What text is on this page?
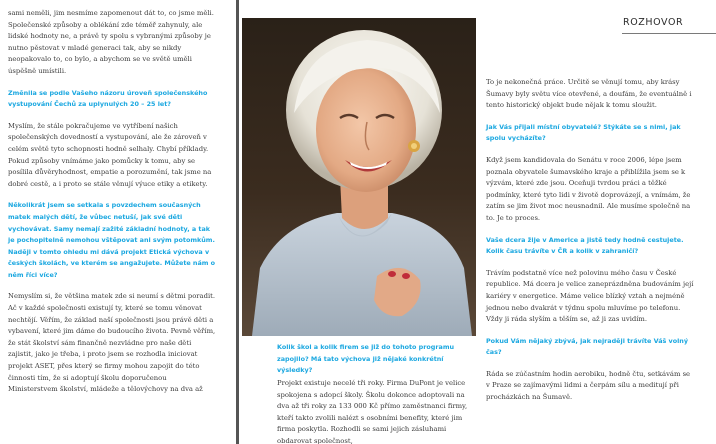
sami neměli, jim nesmíme zapomenout dát to, co jsme měli. Společenské způsoby a oblékání zde téměř zahynuly, ale lidské hodnoty ne, a právě ty spolu s vybranými způsoby je nutno pěstovat v mladé generaci tak, aby se nikdy neopakovalo to, co bylo, a abychom se ve světě uměli úspěšně umístili.

Změnila se podle Vašeho názoru úroveň společenského vystupování Čechů za uplynulých 20 – 25 let?

Myslím, že stále pokračujeme ve vytříbení našich společenských dovedností a vystupování, ale že zároveň v celém světě tyto schopnosti hodně selhaly. Chybí příklady. Pokud způsoby vnímáme jako pomůcky k tomu, aby se posílila důvěryhodnost, empatie a porozumění, tak jsme na dobré cestě, a i proto se stále věnují výuce etiky a etikety.

Několikrát jsem se setkala s povzdechem současných matek malých dětí, že vůbec netuší, jak své děti vychovávat. Samy nemají zažité základní hodnoty, a tak je pochopitelně nemohou vštěpovat ani svým potomkům. Naději v tomto ohledu mi dává projekt Etická výchova v českých školách, ve kterém se angažujete. Můžete nám o něm říci více?

Nemyslím si, že většina matek zde si neumí s dětmi poradit. Ač v každé společnosti existují ty, které se tomu věnovat nechtějí. Věřím, že základ naší společnosti jsou právě děti a vybavení, které jim dáme do budoucího života. Pevně věřím, že stát školství sám finančně nezvládne pro naše děti zajistit, jako je třeba, i proto jsem se rozhodla iniciovat projekt ASET, přes který se firmy mohou zapojit do této činnosti tím, že si adoptují školu doporučenou Ministerstvem školství, mládeže a tělovýchovy na dva až

Kolik škol a kolik firem se již do tohoto programu zapojilo? Má tato výchova již nějaké konkrétní výsledky?

Projekt existuje necelé tři roky. Firma DuPont je velice spokojena s adopcí školy. Školu dokonce adoptovali na dva až tři roky za 133 000 Kč přímo zaměstnanci firmy, kteří takto zvolili nalézt s osobními benefity, které jim firma poskytla. Rozhodli se sami jejich zásluhami obdarovat společnost,

ROZHOVOR

To je nekonečná práce. Určitě se věnují tomu, aby krásy Šumavy byly světu více otevřené, a doufám, že eventuálně i tento historický objekt bude nějak k tomu sloužit.

Jak Vás přijali místní obyvatelé? Stýkáte se s nimi, jak spolu vycházíte?

Když jsem kandidovala do Senátu v roce 2006, lépe jsem poznala obyvatele šumavského kraje a přiblížila jsem se k výzvám, které zde jsou. Oceňuji tvrdou práci a těžké podmínky, které tyto lidi v životě doprovázejí, a vnímám, že zatím se jim život moc neusnadnil. Ale musíme společně na to. Je to proces.

Vaše dcera žije v Americe a jistě tedy hodně cestujete. Kolik času trávíte v ČR a kolik v zahraničí?

Trávím podstatně více než polovinu mého času v České republice. Má dcera je velice zaneprázdněna budováním její kariéry v energetice. Máme velice blízký vztah a nejméně jednou nebo dvakrát v týdnu spolu mluvíme po telefonu. Vždy ji ráda slyším a těším se, až ji zas uvidím.

Pokud Vám nějaký zbývá, jak nejraději trávíte Váš volný čas?

Ráda se zúčastním hodin aerobiku, hodně čtu, setkávám se v Praze se zajímavými lidmi a čerpám sílu a meditují při procházkách na Šumavě.
